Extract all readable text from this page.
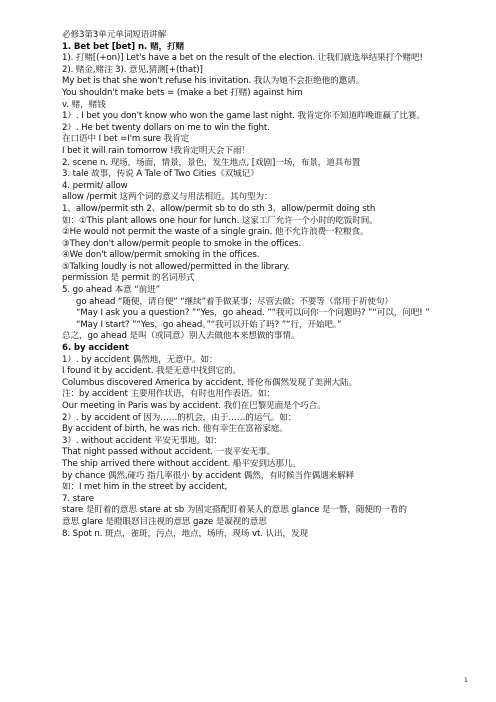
必修3第3单元单词短语讲解
1. Bet bet [bet] n. 赌，打赌
1). 打赌[(+on)] Let's have a bet on the result of the election. 让我们就选举结果打个赌吧!
2). 赌金,赌注 3). 意见,猜测[+(that)]
My bet is that she won't refuse his invitation. 我认为她不会拒绝他的邀请。
You shouldn't make bets = (make a bet 打赌) against him
v. 赌，赌钱
1）. I bet you don't know who won the game last night. 我肯定你不知道昨晚谁赢了比赛。
2）. He bet twenty dollars on me to win the fight.
在口语中 I bet =I'm sure 我肯定
I bet it will rain tomorrow !我肯定明天会下雨！
2. scene n. 现场，场面，情景，景色，发生地点, [戏剧]一场，布景，道具布置
3. tale 故事，传说 A Tale of Two Cities《双城记》
4. permit/ allow
allow /permit 这两个词的意义与用法相近。其句型为：
1、allow/permit sth 2、allow/permit sb to do sth 3、allow/permit doing sth
如：①This plant allows one hour for lunch. 这家工厂允许一个小时的吃饭时间。
②He would not permit the waste of a single grain. 他不允许浪费一粒粮食。
③They don't allow/permit people to smoke in the offices.
④We don't allow/permit smoking in the offices.
⑤Talking loudly is not allowed/permitted in the library.
permission 是 permit 的名词形式
5. go ahead 本意 “前进”
go ahead “随便，请自便” “继续”着手做某事；尽管去做；不要等（常用于祈使句）
“May I ask you a question? ”“Yes，go ahead. ”“我可以问你一个问题吗? ”“可以，问吧! ”
“May I start? ”“Yes，go ahead。”“我可以开始了吗? ”“行，开始吧。”
总之，go ahead 是叫（或同意）别人去做他本来想做的事情。
6. by accident
1）. by accident 偶然地，无意中。如：
I found it by accident. 我是无意中找到它的。
Columbus discovered America by accident. 哥伦布偶然发现了美洲大陆。
注：by accident 主要用作状语，有时也用作表语。如：
Our meeting in Paris was by accident. 我们在巴黎见面是个巧合。
2）. by accident of 因为……的机会，由于……的运气。如：
By accident of birth, he was rich. 他有幸生在富裕家庭。
3）. without accident 平安无事地。如：
That night passed without accident. 一夜平安无事。
The ship arrived there without accident. 船平安到达那儿。
by chance 偶然,碰巧 指几率很小 by accident 偶然，有时候当作偶遇来解释
如：I met him in the street by accident,
7. stare
stare 是盯着的意思 stare at sb 为固定搭配盯着某人的意思 glance 是一瞥，随便的一看的
意思 glare 是瞪眼怒目注视的意思 gaze 是凝视的意思
8. Spot n. 斑点，雀斑，污点，地点，场所，现场 vt. 认出，发现
1
